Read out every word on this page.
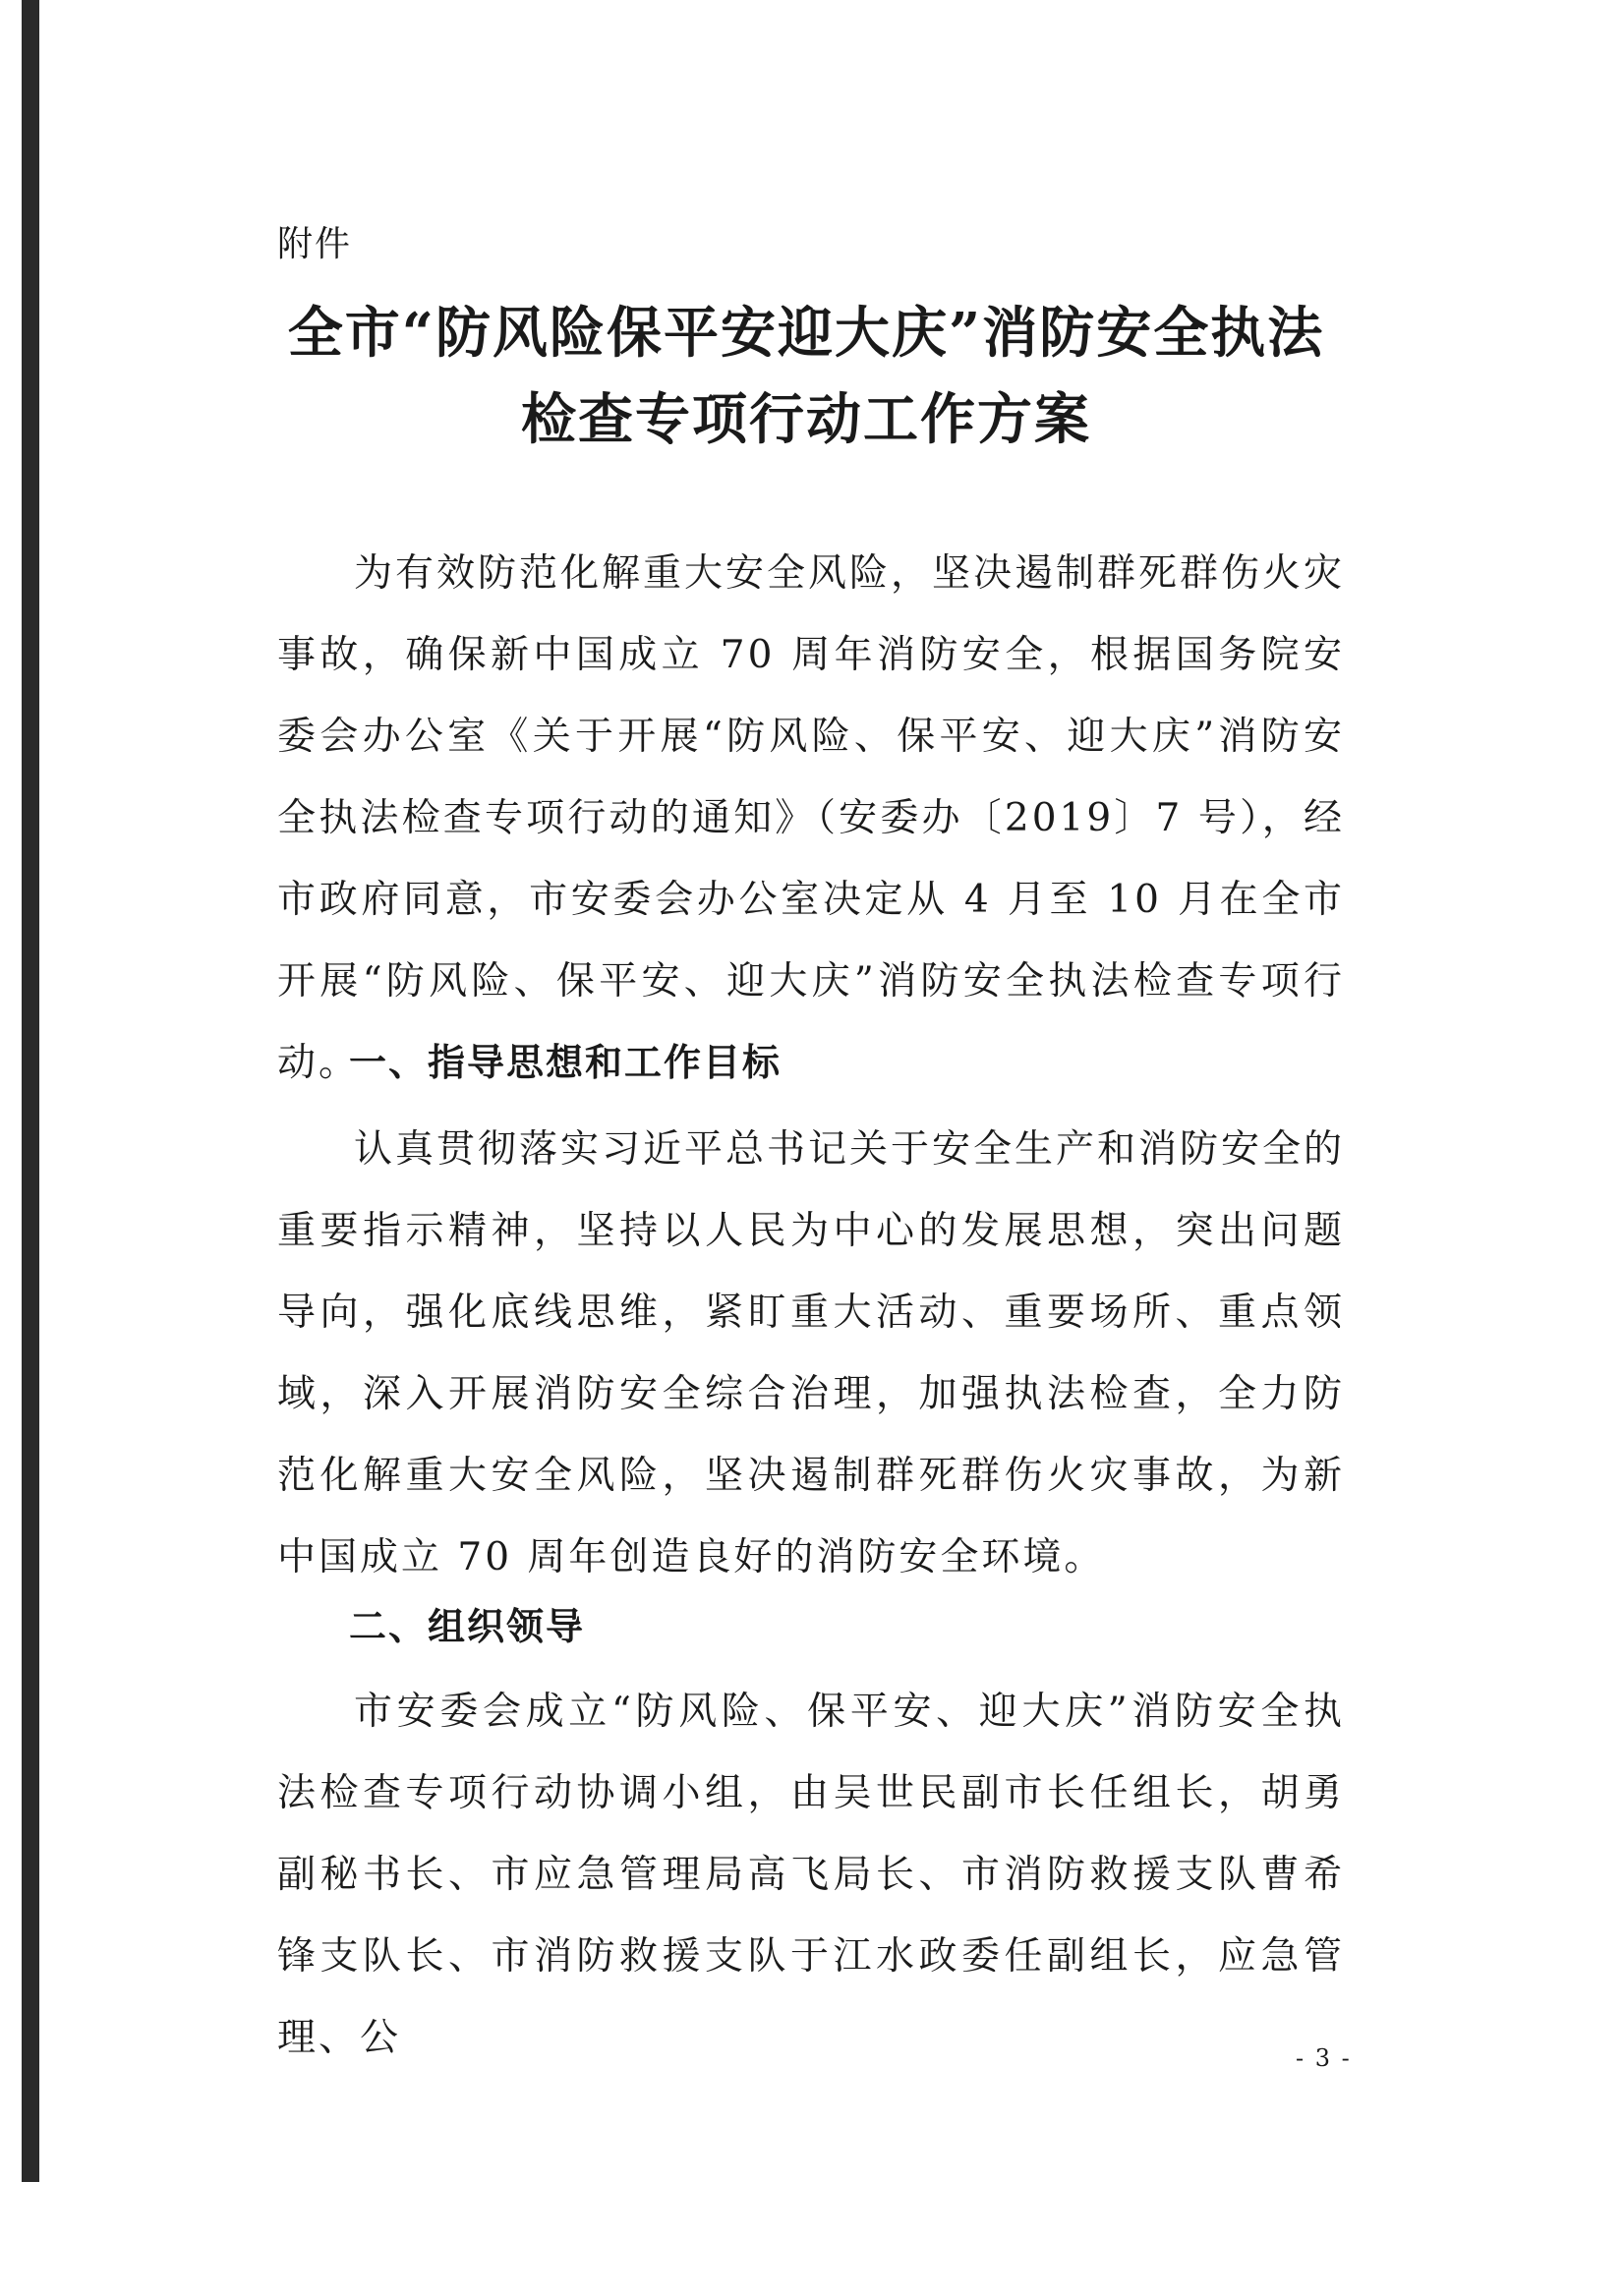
附件

全市“防风险保平安迎大庆”消防安全执法
检查专项行动工作方案

为有效防范化解重大安全风险，坚决遏制群死群伤火灾事故，确保新中国成立 70 周年消防安全，根据国务院安委会办公室《关于开展“防风险、保平安、迎大庆”消防安全执法检查专项行动的通知》（安委办〔2019〕7 号），经市政府同意，市安委会办公室决定从 4 月至 10 月在全市开展“防风险、保平安、迎大庆”消防安全执法检查专项行动。

一、指导思想和工作目标

认真贯彻落实习近平总书记关于安全生产和消防安全的重要指示精神，坚持以人民为中心的发展思想，突出问题导向，强化底线思维，紧盯重大活动、重要场所、重点领域，深入开展消防安全综合治理，加强执法检查，全力防范化解重大安全风险，坚决遏制群死群伤火灾事故，为新中国成立 70 周年创造良好的消防安全环境。

二、组织领导

市安委会成立“防风险、保平安、迎大庆”消防安全执法检查专项行动协调小组，由吴世民副市长任组长，胡勇副秘书长、市应急管理局高飞局长、市消防救援支队曹希锋支队长、市消防救援支队于江水政委任副组长，应急管理、公	- 3 -
